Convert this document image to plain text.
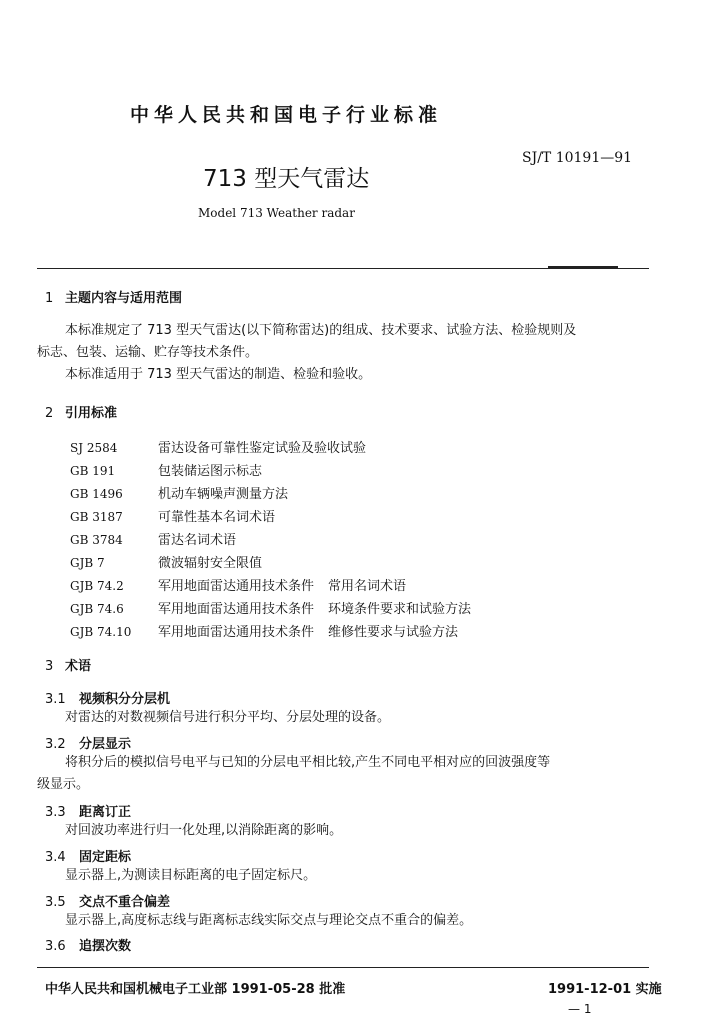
中华人民共和国电子行业标准
SJ/T 10191—91
713 型天气雷达
Model 713 Weather radar
1 主题内容与适用范围
本标准规定了 713 型天气雷达(以下简称雷达)的组成、技术要求、试验方法、检验规则及
标志、包装、运输、贮存等技术条件。
本标准适用于 713 型天气雷达的制造、检验和验收。
2 引用标准
SJ 2584	雷达设备可靠性鉴定试验及验收试验
GB 191	包装储运图示标志
GB 1496	机动车辆噪声测量方法
GB 3187	可靠性基本名词术语
GB 3784	雷达名词术语
GJB 7	微波辐射安全限值
GJB 74.2	军用地面雷达通用技术条件 常用名词术语
GJB 74.6	军用地面雷达通用技术条件 环境条件要求和试验方法
GJB 74.10 军用地面雷达通用技术条件 维修性要求与试验方法
3 术语
3.1 视频积分分层机
对雷达的对数视频信号进行积分平均、分层处理的设备。
3.2 分层显示
将积分后的模拟信号电平与已知的分层电平相比较,产生不同电平相对应的回波强度等
级显示。
3.3 距离订正
对回波功率进行归一化处理,以消除距离的影响。
3.4 固定距标
显示器上,为测读目标距离的电子固定标尺。
3.5 交点不重合偏差
显示器上,高度标志线与距离标志线实际交点与理论交点不重合的偏差。
3.6 追摆次数
中华人民共和国机械电子工业部 1991-05-28 批准	1991-12-01 实施
— 1
